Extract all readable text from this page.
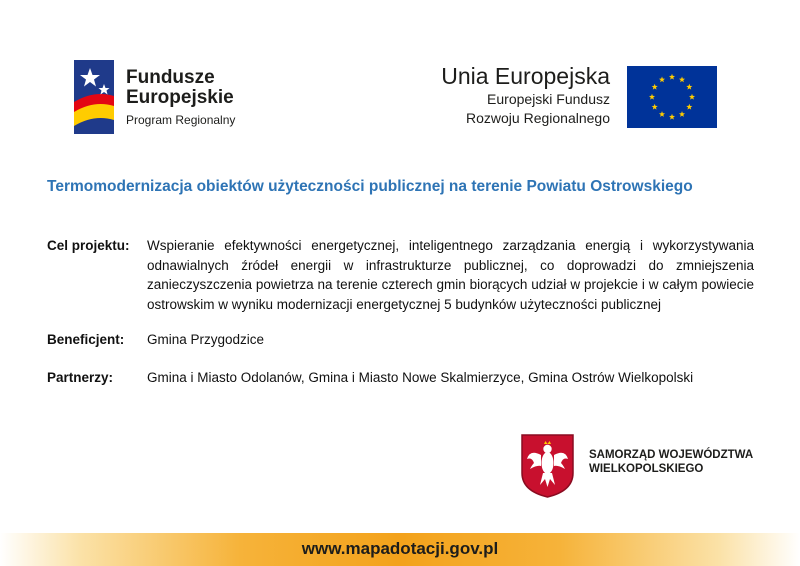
Fundusze
Europejskie
Program Regionalny
Unia Europejska
Europejski Fundusz
Rozwoju Regionalnego
Termomodernizacja obiektów użyteczności publicznej na terenie Powiatu Ostrowskiego
Cel projektu:	Wspieranie efektywności energetycznej, inteligentnego zarządzania energią i wykorzystywania odnawialnych źródeł energii w infrastrukturze publicznej, co doprowadzi do zmniejszenia zanieczyszczenia powietrza na terenie czterech gmin biorących udział w projekcie i w całym powiecie ostrowskim w wyniku modernizacji energetycznej 5 budynków użyteczności publicznej
Beneficjent:	Gmina Przygodzice
Partnerzy:	Gmina i Miasto Odolanów, Gmina i Miasto Nowe Skalmierzyce, Gmina Ostrów Wielkopolski
SAMORZĄD WOJEWÓDZTWA
WIELKOPOLSKIEGO
www.mapadotacji.gov.pl
